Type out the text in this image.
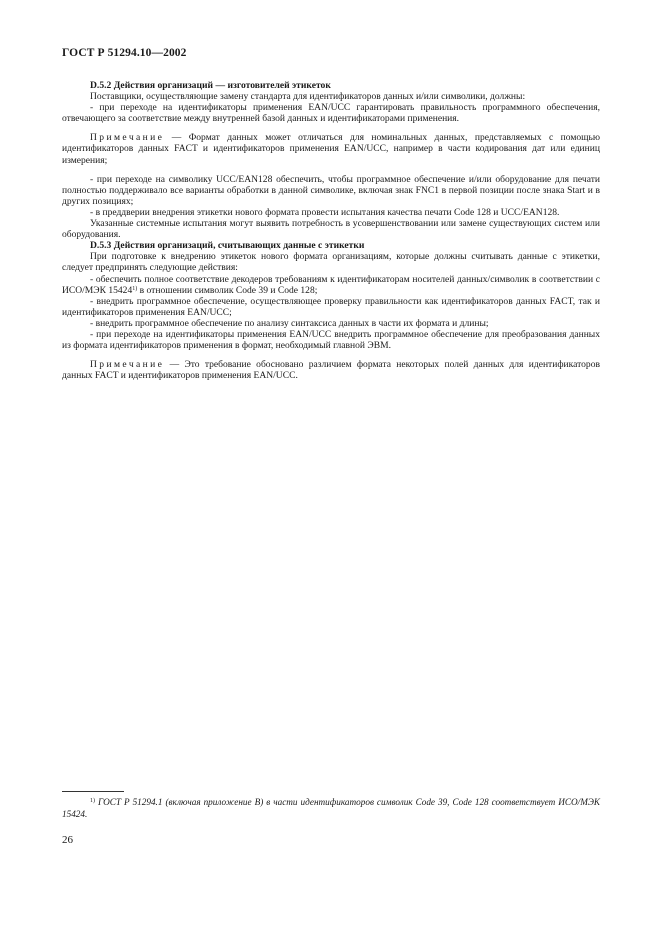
ГОСТ Р 51294.10—2002
D.5.2 Действия организаций — изготовителей этикеток

Поставщики, осуществляющие замену стандарта для идентификаторов данных и/или символики, должны:

- при переходе на идентификаторы применения EAN/UCC гарантировать правильность программного обеспечения, отвечающего за соответствие между внутренней базой данных и идентификаторами применения.

Примечание — Формат данных может отличаться для номинальных данных, представляемых с помощью идентификаторов данных FACT и идентификаторов применения EAN/UCC, например в части кодирования дат или единиц измерения;

- при переходе на символику UCC/EAN128 обеспечить, чтобы программное обеспечение и/или оборудование для печати полностью поддерживало все варианты обработки в данной символике, включая знак FNC1 в первой позиции после знака Start и в других позициях;

- в преддверии внедрения этикетки нового формата провести испытания качества печати Code 128 и UCC/EAN128.

Указанные системные испытания могут выявить потребность в усовершенствовании или замене существующих систем или оборудования.

D.5.3 Действия организаций, считывающих данные с этикетки

При подготовке к внедрению этикеток нового формата организациям, которые должны считывать данные с этикетки, следует предпринять следующие действия:

- обеспечить полное соответствие декодеров требованиям к идентификаторам носителей данных/символик в соответствии с ИСО/МЭК 15424$^{1)}$ в отношении символик Code 39 и Code 128;

- внедрить программное обеспечение, осуществляющее проверку правильности как идентификаторов данных FACT, так и идентификаторов применения EAN/UCC;

- внедрить программное обеспечение по анализу синтаксиса данных в части их формата и длины;

- при переходе на идентификаторы применения EAN/UCC внедрить программное обеспечение для преобразования данных из формата идентификаторов применения в формат, необходимый главной ЭВМ.

Примечание — Это требование обосновано различием формата некоторых полей данных для идентификаторов данных FACT и идентификаторов применения EAN/UCC.

$^{1)}$ ГОСТ Р 51294.1 (включая приложение В) в части идентификаторов символик Code 39, Code 128 соответствует ИСО/МЭК 15424.
26
